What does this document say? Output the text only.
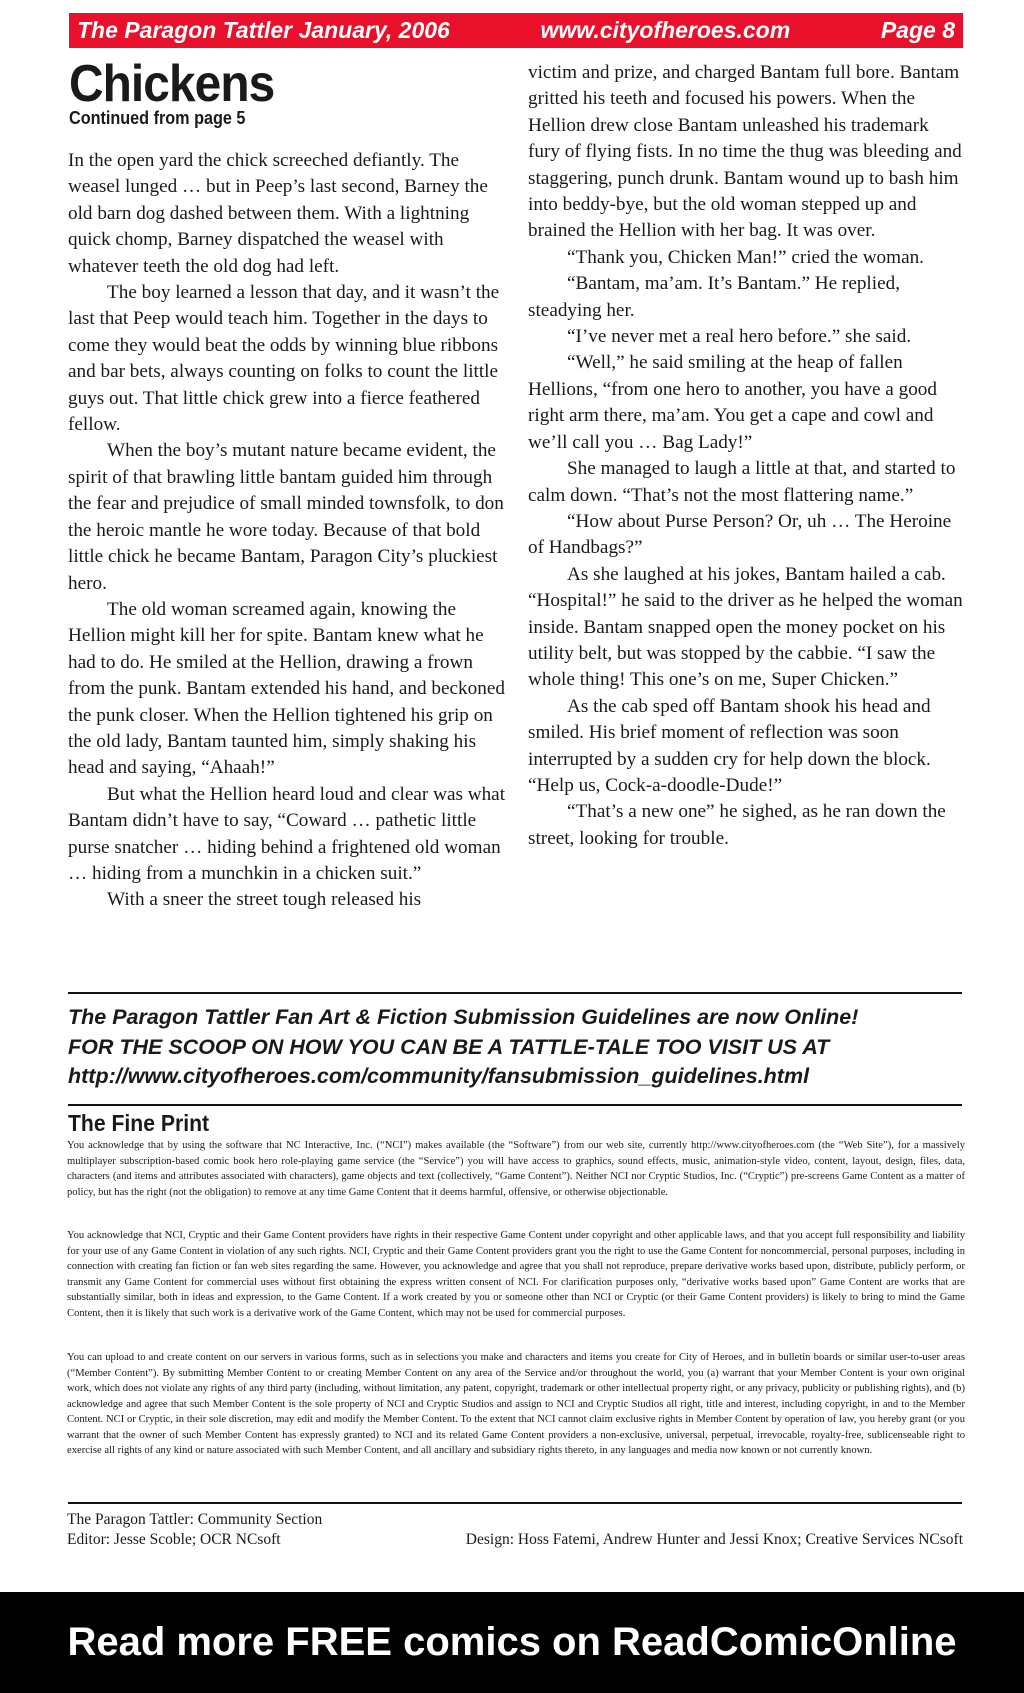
The Paragon Tattler January, 2006	www.cityofheroes.com	Page 8
Chickens
Continued from page 5

In the open yard the chick screeched defiantly. The weasel lunged … but in Peep’s last second, Barney the old barn dog dashed between them. With a lightning quick chomp, Barney dispatched the weasel with whatever teeth the old dog had left.

The boy learned a lesson that day, and it wasn’t the last that Peep would teach him. Together in the days to come they would beat the odds by winning blue ribbons and bar bets, always counting on folks to count the little guys out. That little chick grew into a fierce feathered fellow.

When the boy’s mutant nature became evident, the spirit of that brawling little bantam guided him through the fear and prejudice of small minded townsfolk, to don the heroic mantle he wore today. Because of that bold little chick he became Bantam, Paragon City’s pluckiest hero.

The old woman screamed again, knowing the Hellion might kill her for spite. Bantam knew what he had to do. He smiled at the Hellion, drawing a frown from the punk. Bantam extended his hand, and beckoned the punk closer. When the Hellion tightened his grip on the old lady, Bantam taunted him, simply shaking his head and saying, “Ahaah!”

But what the Hellion heard loud and clear was what Bantam didn’t have to say, “Coward … pathetic little purse snatcher … hiding behind a frightened old woman … hiding from a munchkin in a chicken suit.”

With a sneer the street tough released his

victim and prize, and charged Bantam full bore. Bantam gritted his teeth and focused his powers. When the Hellion drew close Bantam unleashed his trademark fury of flying fists. In no time the thug was bleeding and staggering, punch drunk. Bantam wound up to bash him into beddy-bye, but the old woman stepped up and brained the Hellion with her bag. It was over.

“Thank you, Chicken Man!” cried the woman.

“Bantam, ma’am. It’s Bantam.” He replied, steadying her.

“I’ve never met a real hero before.” she said.

“Well,” he said smiling at the heap of fallen Hellions, “from one hero to another, you have a good right arm there, ma’am. You get a cape and cowl and we’ll call you … Bag Lady!”

She managed to laugh a little at that, and started to calm down. “That’s not the most flattering name.”

“How about Purse Person? Or, uh … The Heroine of Handbags?”

As she laughed at his jokes, Bantam hailed a cab. “Hospital!” he said to the driver as he helped the woman inside. Bantam snapped open the money pocket on his utility belt, but was stopped by the cabbie. “I saw the whole thing! This one’s on me, Super Chicken.”

As the cab sped off Bantam shook his head and smiled. His brief moment of reflection was soon interrupted by a sudden cry for help down the block. “Help us, Cock-a-doodle-Dude!”

“That’s a new one” he sighed, as he ran down the street, looking for trouble.

The Paragon Tattler Fan Art & Fiction Submission Guidelines are now Online!
FOR THE SCOOP ON HOW YOU CAN BE A TATTLE-TALE TOO VISIT US AT
http://www.cityofheroes.com/community/fansubmission_guidelines.html
The Fine Print

You acknowledge that by using the software that NC Interactive, Inc. (“NCI”) makes available (the “Software”) from our web site, currently http://www.cityofheroes.com (the “Web Site”), for a massively multiplayer subscription-based comic book hero role-playing game service (the “Service”) you will have access to graphics, sound effects, music, animation-style video, content, layout, design, files, data, characters (and items and attributes associated with characters), game objects and text (collectively, “Game Content”). Neither NCI nor Cryptic Studios, Inc. (“Cryptic”) pre-screens Game Content as a matter of policy, but has the right (not the obligation) to remove at any time Game Content that it deems harmful, offensive, or otherwise objectionable.

You acknowledge that NCI, Cryptic and their Game Content providers have rights in their respective Game Content under copyright and other applicable laws, and that you accept full responsibility and liability for your use of any Game Content in violation of any such rights. NCI, Cryptic and their Game Content providers grant you the right to use the Game Content for noncommercial, personal purposes, including in connection with creating fan fiction or fan web sites regarding the same. However, you acknowledge and agree that you shall not reproduce, prepare derivative works based upon, distribute, publicly perform, or transmit any Game Content for commercial uses without first obtaining the express written consent of NCI. For clarification purposes only, “derivative works based upon” Game Content are works that are substantially similar, both in ideas and expression, to the Game Content. If a work created by you or someone other than NCI or Cryptic (or their Game Content providers) is likely to bring to mind the Game Content, then it is likely that such work is a derivative work of the Game Content, which may not be used for commercial purposes.

You can upload to and create content on our servers in various forms, such as in selections you make and characters and items you create for City of Heroes, and in bulletin boards or similar user-to-user areas (“Member Content”). By submitting Member Content to or creating Member Content on any area of the Service and/or throughout the world, you (a) warrant that your Member Content is your own original work, which does not violate any rights of any third party (including, without limitation, any patent, copyright, trademark or other intellectual property right, or any privacy, publicity or publishing rights), and (b) acknowledge and agree that such Member Content is the sole property of NCI and Cryptic Studios and assign to NCI and Cryptic Studios all right, title and interest, including copyright, in and to the Member Content. NCI or Cryptic, in their sole discretion, may edit and modify the Member Content. To the extent that NCI cannot claim exclusive rights in Member Content by operation of law, you hereby grant (or you warrant that the owner of such Member Content has expressly granted) to NCI and its related Game Content providers a non-exclusive, universal, perpetual, irrevocable, royalty-free, sublicenseable right to exercise all rights of any kind or nature associated with such Member Content, and all ancillary and subsidiary rights thereto, in any languages and media now known or not currently known.

The Paragon Tattler: Community Section
Editor: Jesse Scoble; OCR NCsoft	Design: Hoss Fatemi, Andrew Hunter and Jessi Knox; Creative Services NCsoft
Read more FREE comics on ReadComicOnline
